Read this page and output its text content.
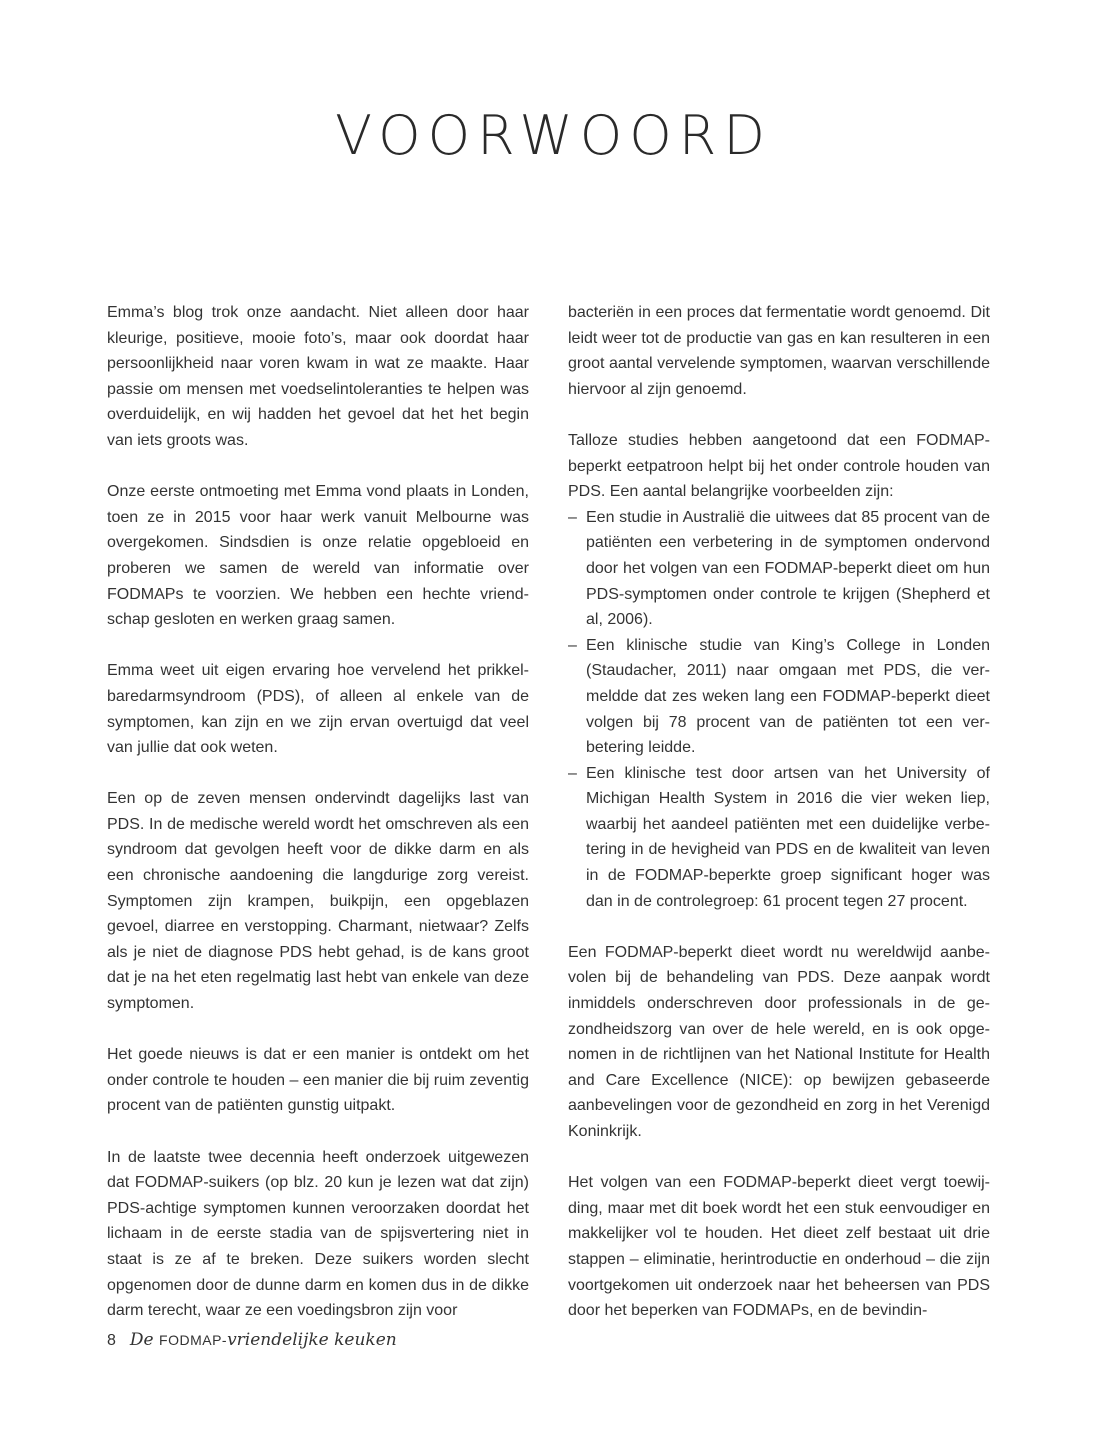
VOORWOORD

Emma’s blog trok onze aandacht. Niet alleen door haar kleurige, positieve, mooie foto’s, maar ook doordat haar persoonlijkheid naar voren kwam in wat ze maakte. Haar passie om mensen met voedselintoleranties te helpen was overduidelijk, en wij hadden het gevoel dat het het begin van iets groots was.

Onze eerste ontmoeting met Emma vond plaats in Londen, toen ze in 2015 voor haar werk vanuit Melbourne was overgekomen. Sindsdien is onze relatie opgebloeid en proberen we samen de wereld van informatie over FODMAPs te voorzien. We hebben een hechte vriendschap gesloten en werken graag samen.

Emma weet uit eigen ervaring hoe vervelend het prikkelbaredarmsyndroom (PDS), of alleen al enkele van de symptomen, kan zijn en we zijn ervan overtuigd dat veel van jullie dat ook weten.

Een op de zeven mensen ondervindt dagelijks last van PDS. In de medische wereld wordt het omschreven als een syndroom dat gevolgen heeft voor de dikke darm en als een chronische aandoening die langdurige zorg vereist. Symptomen zijn krampen, buikpijn, een opgeblazen gevoel, diarree en verstopping. Charmant, nietwaar? Zelfs als je niet de diagnose PDS hebt gehad, is de kans groot dat je na het eten regelmatig last hebt van enkele van deze symptomen.

Het goede nieuws is dat er een manier is ontdekt om het onder controle te houden – een manier die bij ruim zeventig procent van de patiënten gunstig uitpakt.

In de laatste twee decennia heeft onderzoek uitgewezen dat FODMAP-suikers (op blz. 20 kun je lezen wat dat zijn) PDS-achtige symptomen kunnen veroorzaken doordat het lichaam in de eerste stadia van de spijsvertering niet in staat is ze af te breken. Deze suikers worden slecht opgenomen door de dunne darm en komen dus in de dikke darm terecht, waar ze een voedingsbron zijn voor

bacteriën in een proces dat fermentatie wordt genoemd. Dit leidt weer tot de productie van gas en kan resulteren in een groot aantal vervelende symptomen, waarvan verschillende hiervoor al zijn genoemd.

Talloze studies hebben aangetoond dat een FODMAP-beperkt eetpatroon helpt bij het onder controle houden van PDS. Een aantal belangrijke voorbeelden zijn:

– Een studie in Australië die uitwees dat 85 procent van de patiënten een verbetering in de symptomen ondervond door het volgen van een FODMAP-beperkt dieet om hun PDS-symptomen onder controle te krijgen (Shepherd et al, 2006).
– Een klinische studie van King’s College in Londen (Staudacher, 2011) naar omgaan met PDS, die vermeldde dat zes weken lang een FODMAP-beperkt dieet volgen bij 78 procent van de patiënten tot een verbetering leidde.
– Een klinische test door artsen van het University of Michigan Health System in 2016 die vier weken liep, waarbij het aandeel patiënten met een duidelijke verbetering in de hevigheid van PDS en de kwaliteit van leven in de FODMAP-beperkte groep significant hoger was dan in de controlegroep: 61 procent tegen 27 procent.

Een FODMAP-beperkt dieet wordt nu wereldwijd aanbevolen bij de behandeling van PDS. Deze aanpak wordt inmiddels onderschreven door professionals in de gezondheidszorg van over de hele wereld, en is ook opgenomen in de richtlijnen van het National Institute for Health and Care Excellence (NICE): op bewijzen gebaseerde aanbevelingen voor de gezondheid en zorg in het Verenigd Koninkrijk.

Het volgen van een FODMAP-beperkt dieet vergt toewijding, maar met dit boek wordt het een stuk eenvoudiger en makkelijker vol te houden. Het dieet zelf bestaat uit drie stappen – eliminatie, herintroductie en onderhoud – die zijn voortgekomen uit onderzoek naar het beheersen van PDS door het beperken van FODMAPs, en de bevindin-

8 De FODMAP-vriendelijke keuken
